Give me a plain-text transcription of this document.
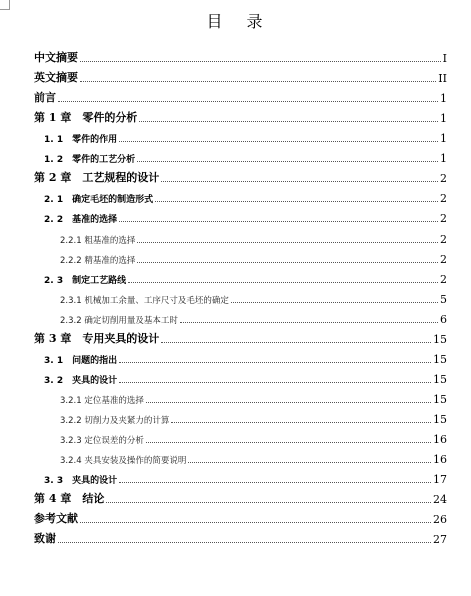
目 录
中文摘要	I
英文摘要	II
前言	1
第 1 章　零件的分析	1
1. 1　零件的作用	1
1. 2　零件的工艺分析	1
第 2 章　工艺规程的设计	2
2. 1　确定毛坯的制造形式	2
2. 2　基准的选择	2
2.2.1 粗基准的选择	2
2.2.2 精基准的选择	2
2. 3　制定工艺路线	2
2.3.1 机械加工余量、工序尺寸及毛坯的确定	5
2.3.2 确定切削用量及基本工时	6
第 3 章　专用夹具的设计	15
3. 1　问题的指出	15
3. 2　夹具的设计	15
3.2.1 定位基准的选择	15
3.2.2 切削力及夹紧力的计算	15
3.2.3 定位误差的分析	16
3.2.4 夹具安装及操作的简要说明	16
3. 3　夹具的设计	17
第 4 章　结论	24
参考文献	26
致谢	27
